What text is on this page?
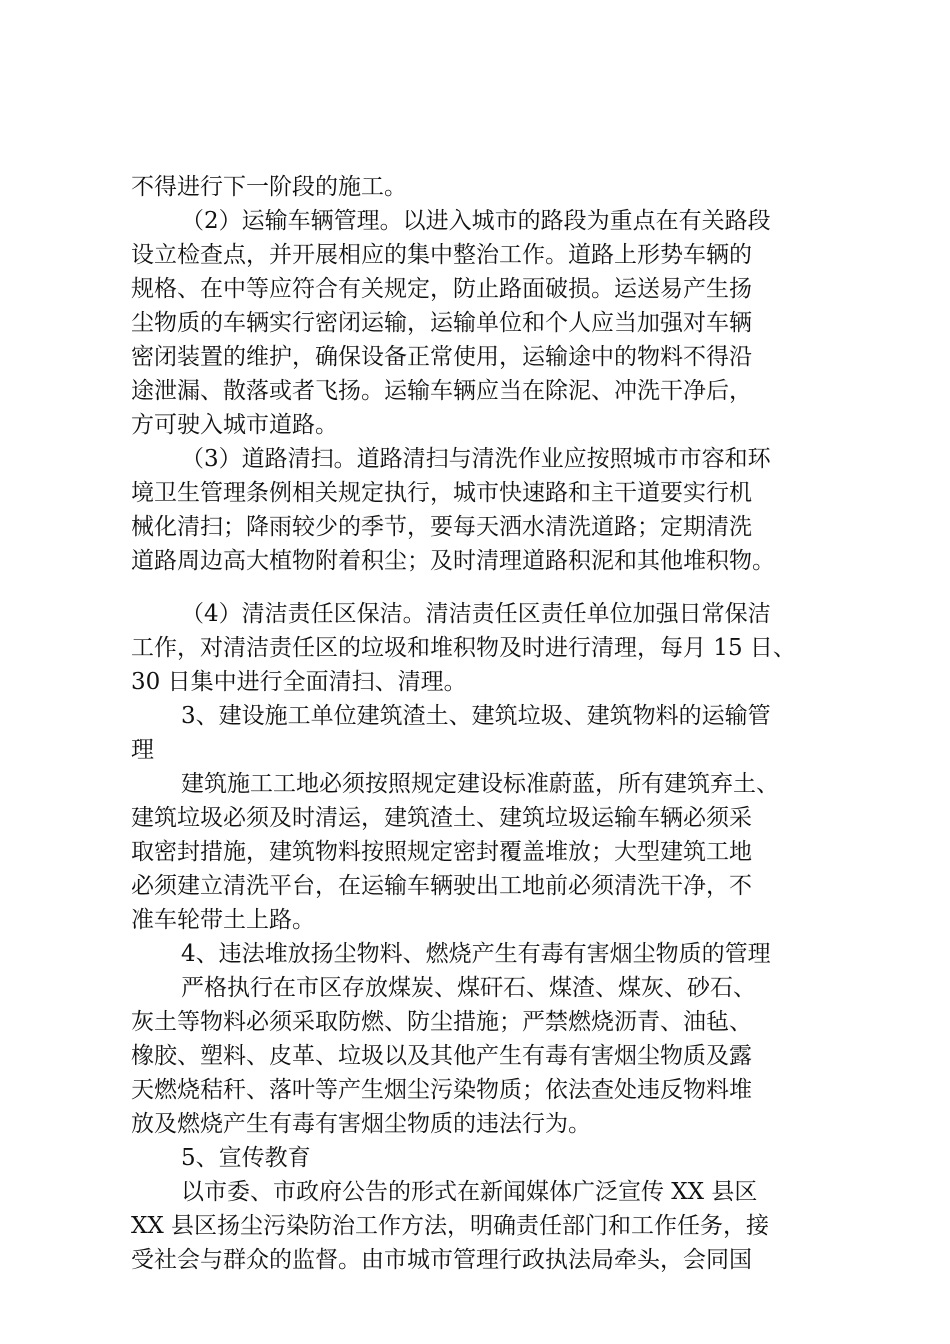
不得进行下一阶段的施工。
（2）运输车辆管理。以进入城市的路段为重点在有关路段
设立检查点，并开展相应的集中整治工作。道路上形势车辆的
规格、在中等应符合有关规定，防止路面破损。运送易产生扬
尘物质的车辆实行密闭运输，运输单位和个人应当加强对车辆
密闭装置的维护，确保设备正常使用，运输途中的物料不得沿
途泄漏、散落或者飞扬。运输车辆应当在除泥、冲洗干净后，
方可驶入城市道路。
（3）道路清扫。道路清扫与清洗作业应按照城市市容和环
境卫生管理条例相关规定执行，城市快速路和主干道要实行机
械化清扫；降雨较少的季节，要每天洒水清洗道路；定期清洗
道路周边高大植物附着积尘；及时清理道路积泥和其他堆积物。
（4）清洁责任区保洁。清洁责任区责任单位加强日常保洁
工作，对清洁责任区的垃圾和堆积物及时进行清理，每月 15 日、
30 日集中进行全面清扫、清理。
3、建设施工单位建筑渣土、建筑垃圾、建筑物料的运输管
理
建筑施工工地必须按照规定建设标准蔚蓝，所有建筑弃土、
建筑垃圾必须及时清运，建筑渣土、建筑垃圾运输车辆必须采
取密封措施，建筑物料按照规定密封覆盖堆放；大型建筑工地
必须建立清洗平台，在运输车辆驶出工地前必须清洗干净，不
准车轮带土上路。
4、违法堆放扬尘物料、燃烧产生有毒有害烟尘物质的管理
严格执行在市区存放煤炭、煤矸石、煤渣、煤灰、砂石、
灰土等物料必须采取防燃、防尘措施；严禁燃烧沥青、油毡、
橡胶、塑料、皮革、垃圾以及其他产生有毒有害烟尘物质及露
天燃烧秸秆、落叶等产生烟尘污染物质；依法查处违反物料堆
放及燃烧产生有毒有害烟尘物质的违法行为。
5、宣传教育
以市委、市政府公告的形式在新闻媒体广泛宣传 XX 县区
XX 县区扬尘污染防治工作方法，明确责任部门和工作任务，接
受社会与群众的监督。由市城市管理行政执法局牵头，会同国
